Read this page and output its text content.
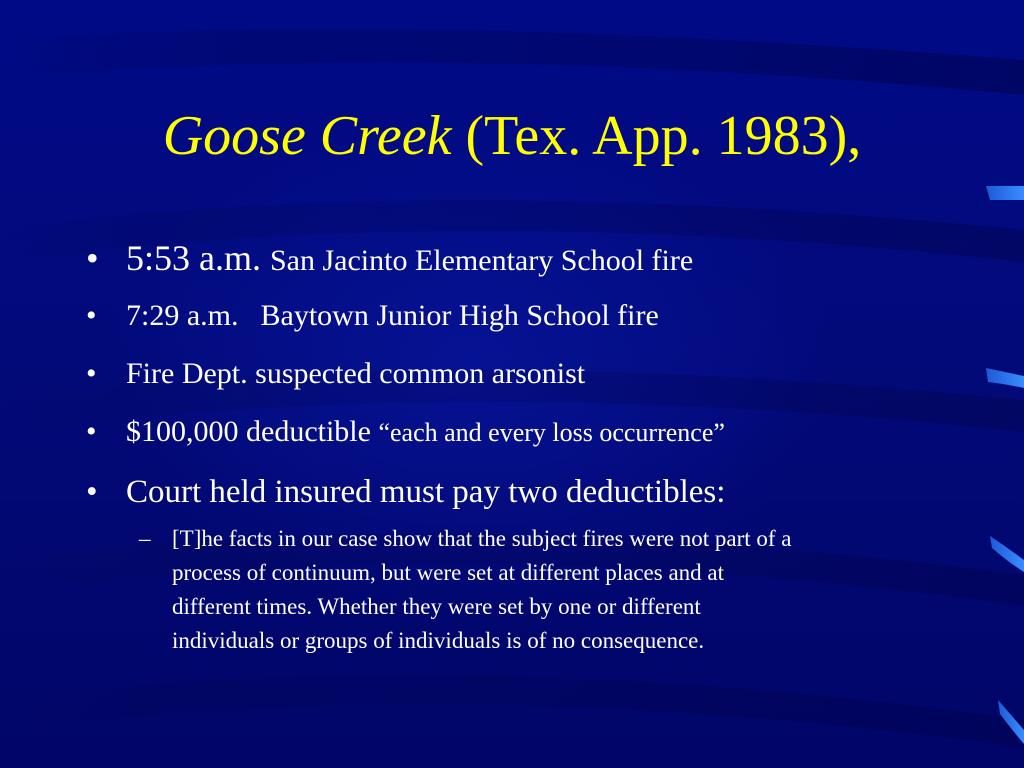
Goose Creek (Tex. App. 1983),
• 5:53 a.m. San Jacinto Elementary School fire
• 7:29 a.m. Baytown Junior High School fire
• Fire Dept. suspected common arsonist
• $100,000 deductible “each and every loss occurrence”
• Court held insured must pay two deductibles:
– [T]he facts in our case show that the subject fires were not part of a
process of continuum, but were set at different places and at
different times. Whether they were set by one or different
individuals or groups of individuals is of no consequence.
